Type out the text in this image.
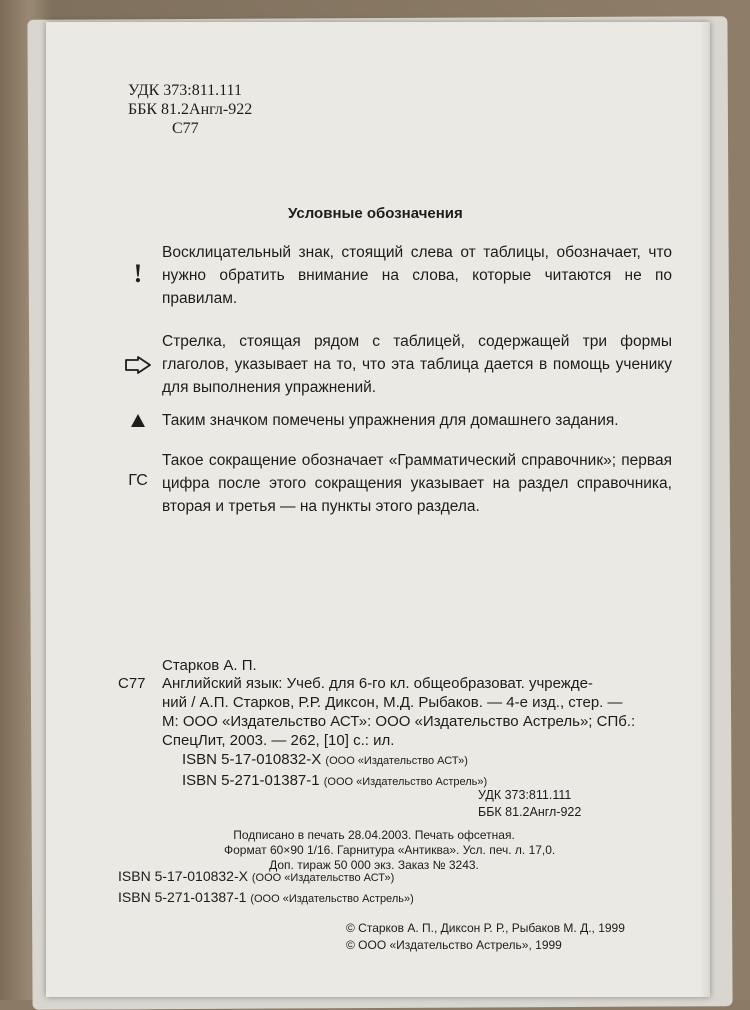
УДК 373:811.111
ББК 81.2Англ-922
С77
Условные обозначения
!
Восклицательный знак, стоящий слева от таблицы, обозначает, что нужно обратить внимание на слова, которые читаются не по правилам.
Стрелка, стоящая рядом с таблицей, содержащей три формы глаголов, указывает на то, что эта таблица дается в помощь ученику для выполнения упражнений.
Таким значком помечены упражнения для домашнего задания.
ГС
Такое сокращение обозначает «Грамматический справочник»; первая цифра после этого сокращения указывает на раздел справочника, вторая и третья — на пункты этого раздела.
Старков А. П.
С77 Английский язык: Учеб. для 6-го кл. общеобразоват. учрежде-
ний / А.П. Старков, Р.Р. Диксон, М.Д. Рыбаков. — 4-е изд., стер. —
М: ООО «Издательство АСТ»: ООО «Издательство Астрель»; СПб.:
СпецЛит, 2003. — 262, [10] с.: ил.
ISBN 5-17-010832-X (ООО «Издательство АСТ»)
ISBN 5-271-01387-1 (ООО «Издательство Астрель»)
УДК 373:811.111
ББК 81.2Англ-922
Подписано в печать 28.04.2003. Печать офсетная.
Формат 60×90 1/16. Гарнитура «Антиква». Усл. печ. л. 17,0.
Доп. тираж 50 000 экз. Заказ № 3243.
ISBN 5-17-010832-X (ООО «Издательство АСТ»)
ISBN 5-271-01387-1 (ООО «Издательство Астрель»)
© Старков А. П., Диксон Р. Р., Рыбаков М. Д., 1999
© ООО «Издательство Астрель», 1999
